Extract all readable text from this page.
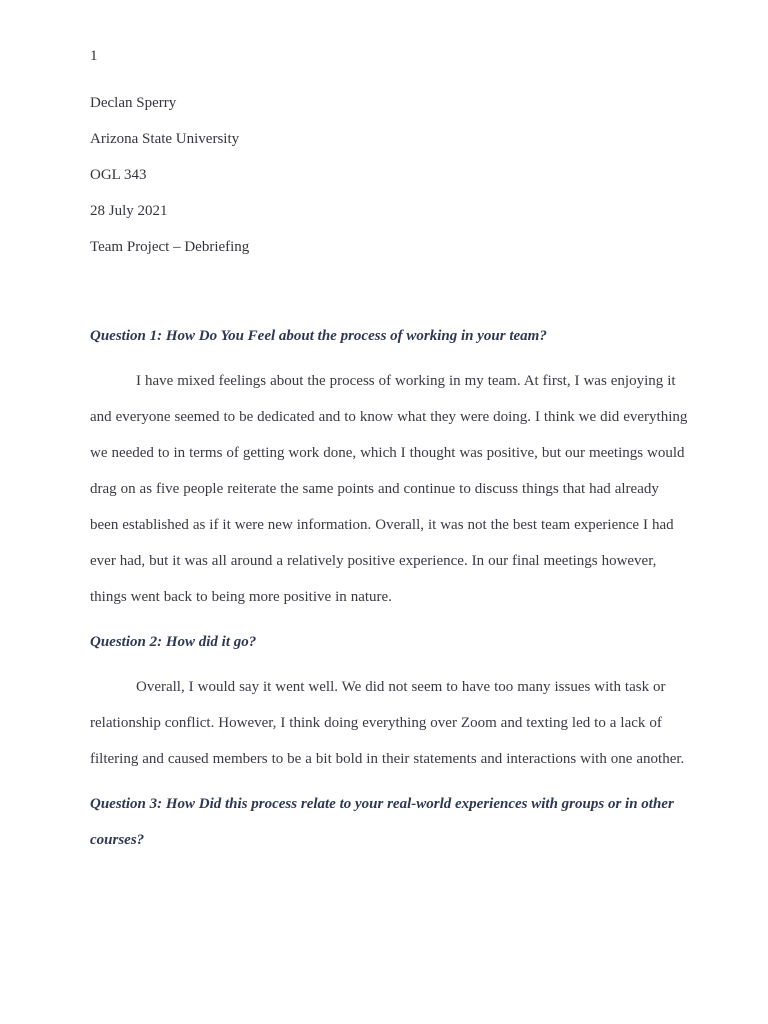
1
Declan Sperry
Arizona State University
OGL 343
28 July 2021
Team Project – Debriefing

Question 1: How Do You Feel about the process of working in your team?

I have mixed feelings about the process of working in my team. At first, I was enjoying it and everyone seemed to be dedicated and to know what they were doing. I think we did everything we needed to in terms of getting work done, which I thought was positive, but our meetings would drag on as five people reiterate the same points and continue to discuss things that had already been established as if it were new information. Overall, it was not the best team experience I had ever had, but it was all around a relatively positive experience. In our final meetings however, things went back to being more positive in nature.

Question 2: How did it go?

Overall, I would say it went well. We did not seem to have too many issues with task or relationship conflict. However, I think doing everything over Zoom and texting led to a lack of filtering and caused members to be a bit bold in their statements and interactions with one another.

Question 3: How Did this process relate to your real-world experiences with groups or in other courses?
